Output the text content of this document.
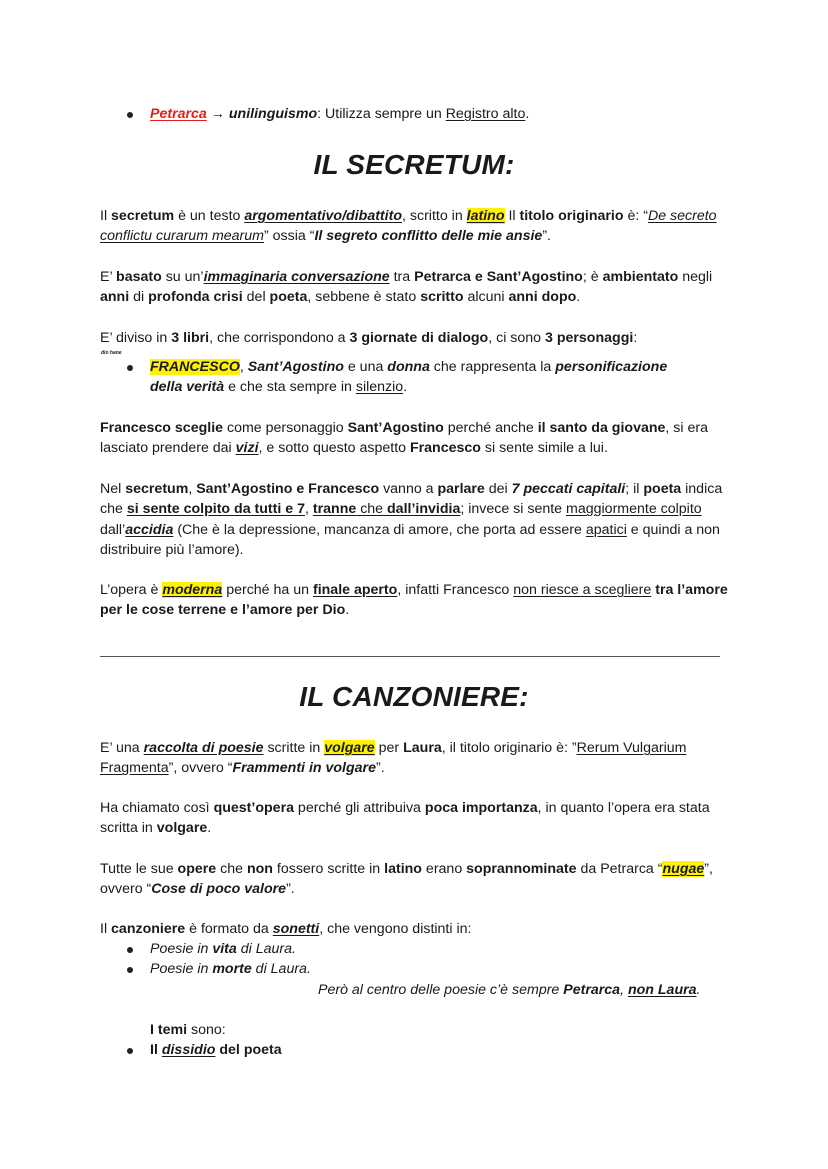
Petrarca → unilinguismo: Utilizza sempre un Registro alto.

IL SECRETUM:

Il secretum è un testo argomentativo/dibattito, scritto in latino Il titolo originario è: “De secreto conflictu curarum mearum” ossia “Il segreto conflitto delle mie ansie”.

E’ basato su un’immaginaria conversazione tra Petrarca e Sant’Agostino; è ambientato negli anni di profonda crisi del poeta, sebbene è stato scritto alcuni anni dopo.

E’ diviso in 3 libri, che corrispondono a 3 giornate di dialogo, ci sono 3 personaggi:

dio hane

FRANCESCO, Sant’Agostino e una donna che rappresenta la personificazione
della verità e che sta sempre in silenzio.

Francesco sceglie come personaggio Sant’Agostino perché anche il santo da giovane, si era lasciato prendere dai vizi, e sotto questo aspetto Francesco si sente simile a lui.

Nel secretum, Sant’Agostino e Francesco vanno a parlare dei 7 peccati capitali; il poeta indica che si sente colpito da tutti e 7, tranne che dall’invidia; invece si sente maggiormente colpito dall’accidia (Che è la depressione, mancanza di amore, che porta ad essere apatici e quindi a non distribuire più l’amore).

L’opera è moderna perché ha un finale aperto, infatti Francesco non riesce a scegliere tra l’amore per le cose terrene e l’amore per Dio.

IL CANZONIERE:

E’ una raccolta di poesie scritte in volgare per Laura, il titolo originario è: ”Rerum Vulgarium Fragmenta”, ovvero “Frammenti in volgare”.

Ha chiamato così quest’opera perché gli attribuiva poca importanza, in quanto l’opera era stata scritta in volgare.

Tutte le sue opere che non fossero scritte in latino erano soprannominate da Petrarca “nugae”, ovvero “Cose di poco valore”.

Il canzoniere è formato da sonetti, che vengono distinti in:

Poesie in vita di Laura.

Poesie in morte di Laura.

Però al centro delle poesie c’è sempre Petrarca, non Laura.

I temi sono:

Il dissidio del poeta
